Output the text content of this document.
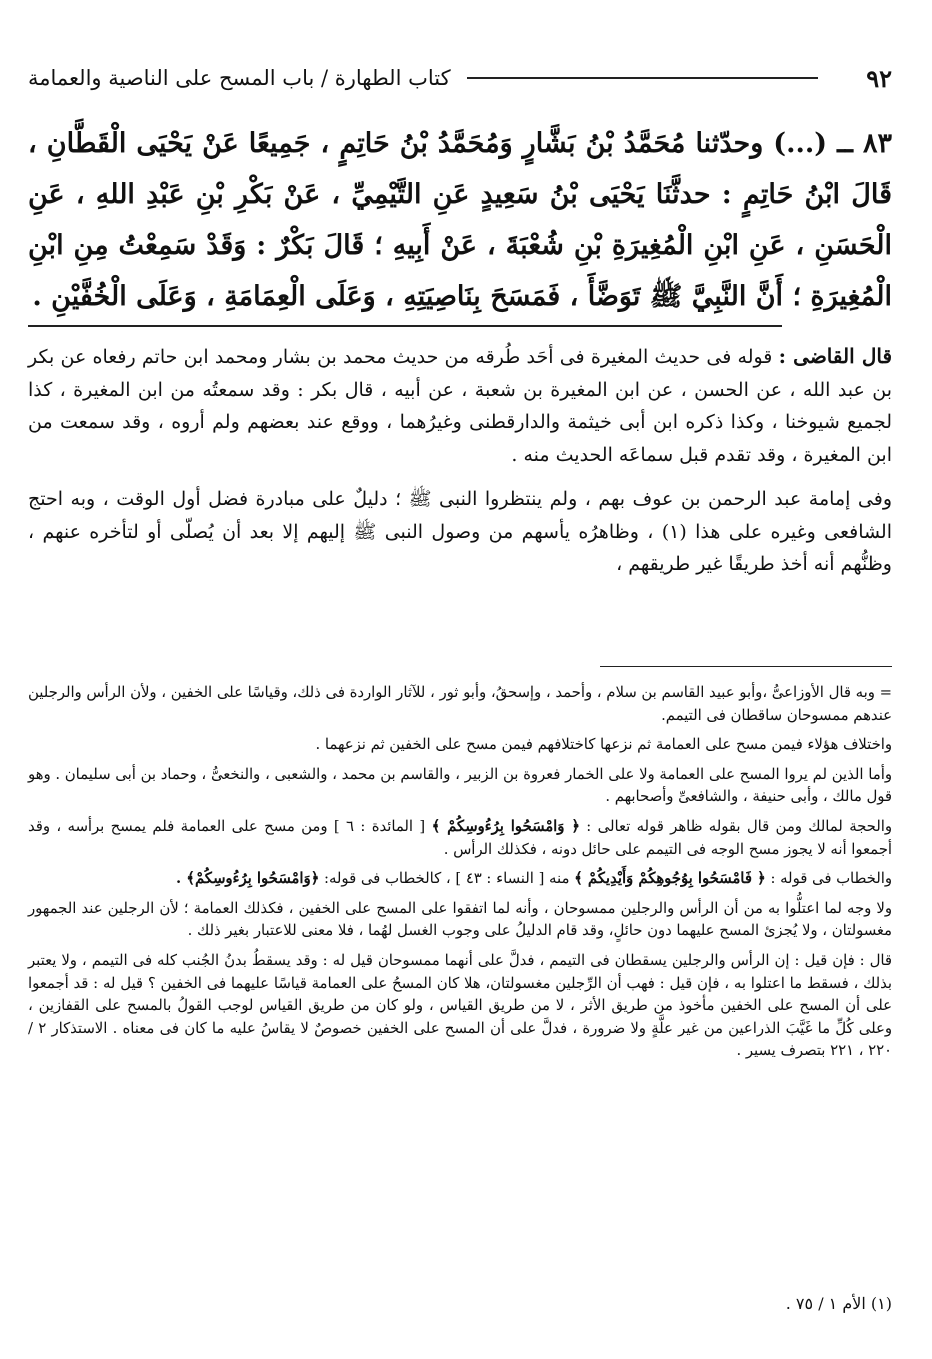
٩٢
كتاب الطهارة / باب المسح على الناصية والعمامة

٨٣ ــ (...) وحدّثنا مُحَمَّدُ بْنُ بَشَّارٍ وَمُحَمَّدُ بْنُ حَاتِمٍ ، جَمِيعًا عَنْ يَحْيَى الْقَطَّانِ ، قَالَ ابْنُ حَاتِمٍ : حدثَّنَا يَحْيَى بْنُ سَعِيدٍ عَنِ التَّيْمِيِّ ، عَنْ بَكْرِ بْنِ عَبْدِ اللهِ ، عَنِ الْحَسَنِ ، عَنِ ابْنِ الْمُغِيرَةِ بْنِ شُعْبَةَ ، عَنْ أَبِيهِ ؛ قَالَ بَكْرٌ : وَقَدْ سَمِعْتُ مِنِ ابْنِ الْمُغِيرَةِ ؛ أَنَّ النَّبِيَّ ﷺ تَوَضَّأَ ، فَمَسَحَ بِنَاصِيَتِهِ ، وَعَلَى الْعِمَامَةِ ، وَعَلَى الْخُفَّيْنِ .

قال القاضى : قوله فى حديث المغيرة فى أحَد طُرقه من حديث محمد بن بشار ومحمد ابن حاتم رفعاه عن بكر بن عبد الله ، عن الحسن ، عن ابن المغيرة بن شعبة ، عن أبيه ، قال بكر : وقد سمعتُه من ابن المغيرة ، كذا لجميع شيوخنا ، وكذا ذكره ابن أبى خيثمة والدارقطنى وغيرُهما ، ووقع عند بعضهم ولم أروه ، وقد سمعت من ابن المغيرة ، وقد تقدم قبل سماعَه الحديث منه .

وفى إمامة عبد الرحمن بن عوف بهم ، ولم ينتظروا النبى ﷺ ؛ دليلٌ على مبادرة فضل أول الوقت ، وبه احتج الشافعى وغيره على هذا (١) ، وظاهرُه يأسهم من وصول النبى ﷺ إليهم إلا بعد أن يُصلّى أو لتأخره عنهم ، وظنُّهم أنه أخذ طريقًا غير طريقهم ،

= وبه قال الأوزاعىُّ ،وأبو عبيد القاسم بن سلام ، وأحمد ، وإسحقُ، وأبو ثور ، للآثار الواردة فى ذلك، وقياسًا على الخفين ، ولأن الرأس والرجلين عندهم ممسوحان ساقطان فى التيمم.

واختلاف هؤلاء فيمن مسح على العمامة ثم نزعها كاختلافهم فيمن مسح على الخفين ثم نزعهما .

وأما الذين لم يروا المسح على العمامة ولا على الخمار فعروة بن الزبير ، والقاسم بن محمد ، والشعبى ، والنخعىُّ ، وحماد بن أبى سليمان . وهو قول مالك ، وأبى حنيفة ، والشافعىِّ وأصحابهم .

والحجة لمالك ومن قال بقوله ظاهر قوله تعالى : ﴿ وَامْسَحُوا بِرُءُوسِكُمْ ﴾ [ المائدة : ٦ ] ومن مسح على العمامة فلم يمسح برأسه ، وقد أجمعوا أنه لا يجوز مسح الوجه فى التيمم على حائل دونه ، فكذلك الرأس .

والخطاب فى قوله : ﴿ فَامْسَحُوا بِوُجُوهِكُمْ وَأَيْدِيكُمْ ﴾ منه [ النساء : ٤٣ ] ، كالخطاب فى قوله: ﴿وَامْسَحُوا بِرُءُوسِكُمْ﴾ .

ولا وجه لما اعتلُّوا به من أن الرأس والرجلين ممسوحان ، وأنه لما اتفقوا على المسح على الخفين ، فكذلك العمامة ؛ لأن الرجلين عند الجمهور مغسولتان ، ولا يُجزئ المسح عليهما دون حائلٍ، وقد قام الدليلُ على وجوب الغسل لهُما ، فلا معنى للاعتبار بغير ذلك .

قال : فإن قيل : إن الرأس والرجلين يسقطان فى التيمم ، فدلَّ على أنهما ممسوحان قيل له : وقد يسقطُ بدنُ الجُنب كله فى التيمم ، ولا يعتبر بذلك ، فسقط ما اعتلوا به ، فإن قيل : فهب أن الرِّجلين مغسولتان، هلا كان المسحُ على العمامة قياسًا عليهما فى الخفين ؟ قيل له : قد أجمعوا على أن المسح على الخفين مأخوذ من طريق الأثر ، لا من طريق القياس ، ولو كان من طريق القياس لوجب القولُ بالمسح على القفازين ، وعلى كُلِّ ما غَيَّبَ الذراعين من غير علَّةٍ ولا ضرورة ، فدلَّ على أن المسح على الخفين خصوصٌ لا يقاسُ عليه ما كان فى معناه . الاستذكار ٢ / ٢٢٠ ، ٢٢١ بتصرف يسير .

(١) الأم ١ / ٧٥ .
